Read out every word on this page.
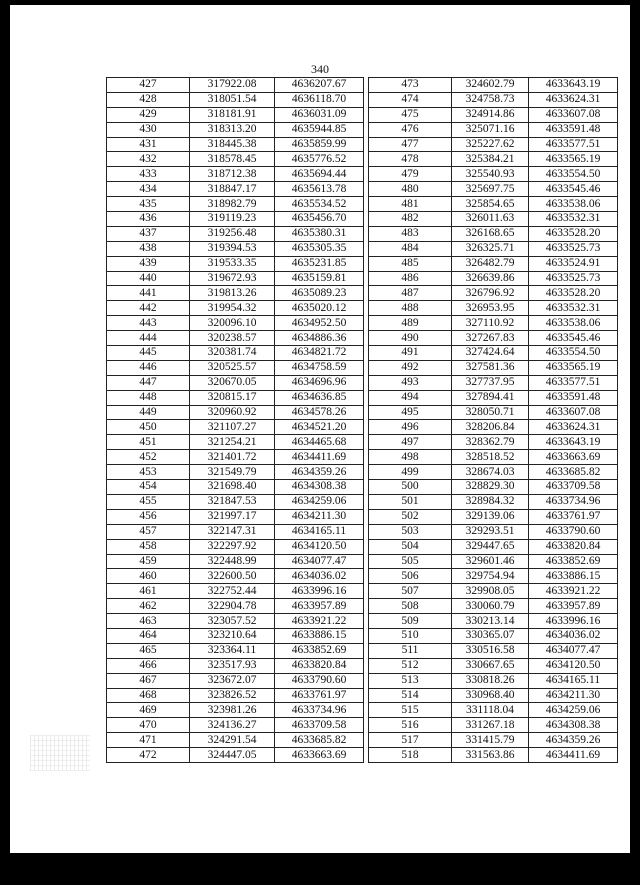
340
427	317922.08	4636207.67
428	318051.54	4636118.70
429	318181.91	4636031.09
430	318313.20	4635944.85
431	318445.38	4635859.99
432	318578.45	4635776.52
433	318712.38	4635694.44
434	318847.17	4635613.78
435	318982.79	4635534.52
436	319119.23	4635456.70
437	319256.48	4635380.31
438	319394.53	4635305.35
439	319533.35	4635231.85
440	319672.93	4635159.81
441	319813.26	4635089.23
442	319954.32	4635020.12
443	320096.10	4634952.50
444	320238.57	4634886.36
445	320381.74	4634821.72
446	320525.57	4634758.59
447	320670.05	4634696.96
448	320815.17	4634636.85
449	320960.92	4634578.26
450	321107.27	4634521.20
451	321254.21	4634465.68
452	321401.72	4634411.69
453	321549.79	4634359.26
454	321698.40	4634308.38
455	321847.53	4634259.06
456	321997.17	4634211.30
457	322147.31	4634165.11
458	322297.92	4634120.50
459	322448.99	4634077.47
460	322600.50	4634036.02
461	322752.44	4633996.16
462	322904.78	4633957.89
463	323057.52	4633921.22
464	323210.64	4633886.15
465	323364.11	4633852.69
466	323517.93	4633820.84
467	323672.07	4633790.60
468	323826.52	4633761.97
469	323981.26	4633734.96
470	324136.27	4633709.58
471	324291.54	4633685.82
472	324447.05	4633663.69
473	324602.79	4633643.19
474	324758.73	4633624.31
475	324914.86	4633607.08
476	325071.16	4633591.48
477	325227.62	4633577.51
478	325384.21	4633565.19
479	325540.93	4633554.50
480	325697.75	4633545.46
481	325854.65	4633538.06
482	326011.63	4633532.31
483	326168.65	4633528.20
484	326325.71	4633525.73
485	326482.79	4633524.91
486	326639.86	4633525.73
487	326796.92	4633528.20
488	326953.95	4633532.31
489	327110.92	4633538.06
490	327267.83	4633545.46
491	327424.64	4633554.50
492	327581.36	4633565.19
493	327737.95	4633577.51
494	327894.41	4633591.48
495	328050.71	4633607.08
496	328206.84	4633624.31
497	328362.79	4633643.19
498	328518.52	4633663.69
499	328674.03	4633685.82
500	328829.30	4633709.58
501	328984.32	4633734.96
502	329139.06	4633761.97
503	329293.51	4633790.60
504	329447.65	4633820.84
505	329601.46	4633852.69
506	329754.94	4633886.15
507	329908.05	4633921.22
508	330060.79	4633957.89
509	330213.14	4633996.16
510	330365.07	4634036.02
511	330516.58	4634077.47
512	330667.65	4634120.50
513	330818.26	4634165.11
514	330968.40	4634211.30
515	331118.04	4634259.06
516	331267.18	4634308.38
517	331415.79	4634359.26
518	331563.86	4634411.69
